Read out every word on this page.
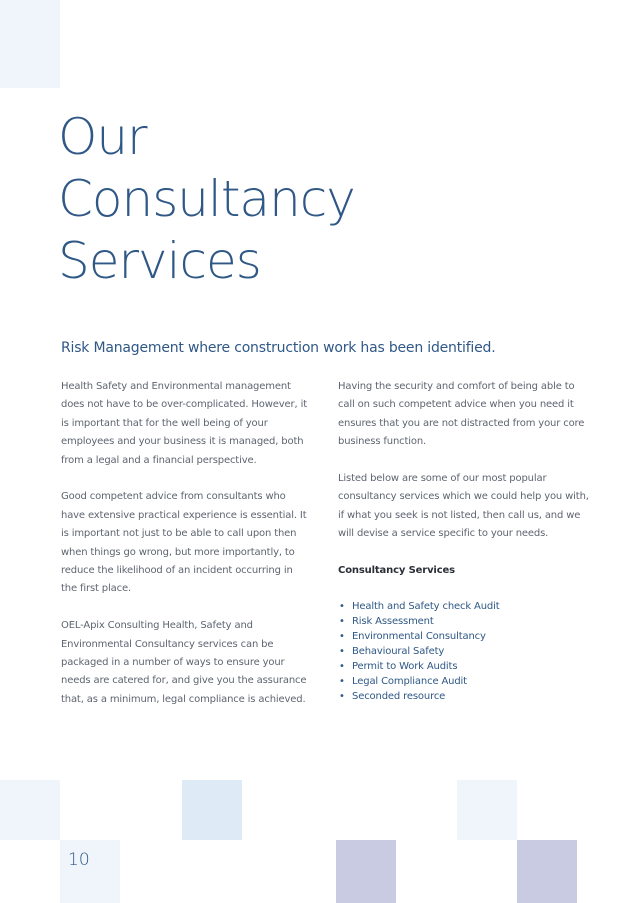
Our
Consultancy
Services

Risk Management where construction work has been identified.

Health Safety and Environmental management does not have to be over-complicated. However, it is important that for the well being of your employees and your business it is managed, both from a legal and a financial perspective.

Good competent advice from consultants who have extensive practical experience is essential. It is important not just to be able to call upon then when things go wrong, but more importantly, to reduce the likelihood of an incident occurring in the first place.

OEL-Apix Consulting Health, Safety and Environmental Consultancy services can be packaged in a number of ways to ensure your needs are catered for, and give you the assurance that, as a minimum, legal compliance is achieved.

Having the security and comfort of being able to call on such competent advice when you need it ensures that you are not distracted from your core business function.

Listed below are some of our most popular consultancy services which we could help you with, if what you seek is not listed, then call us, and we will devise a service specific to your needs.

Consultancy Services

• Health and Safety check Audit
• Risk Assessment
• Environmental Consultancy
• Behavioural Safety
• Permit to Work Audits
• Legal Compliance Audit
• Seconded resource
10
